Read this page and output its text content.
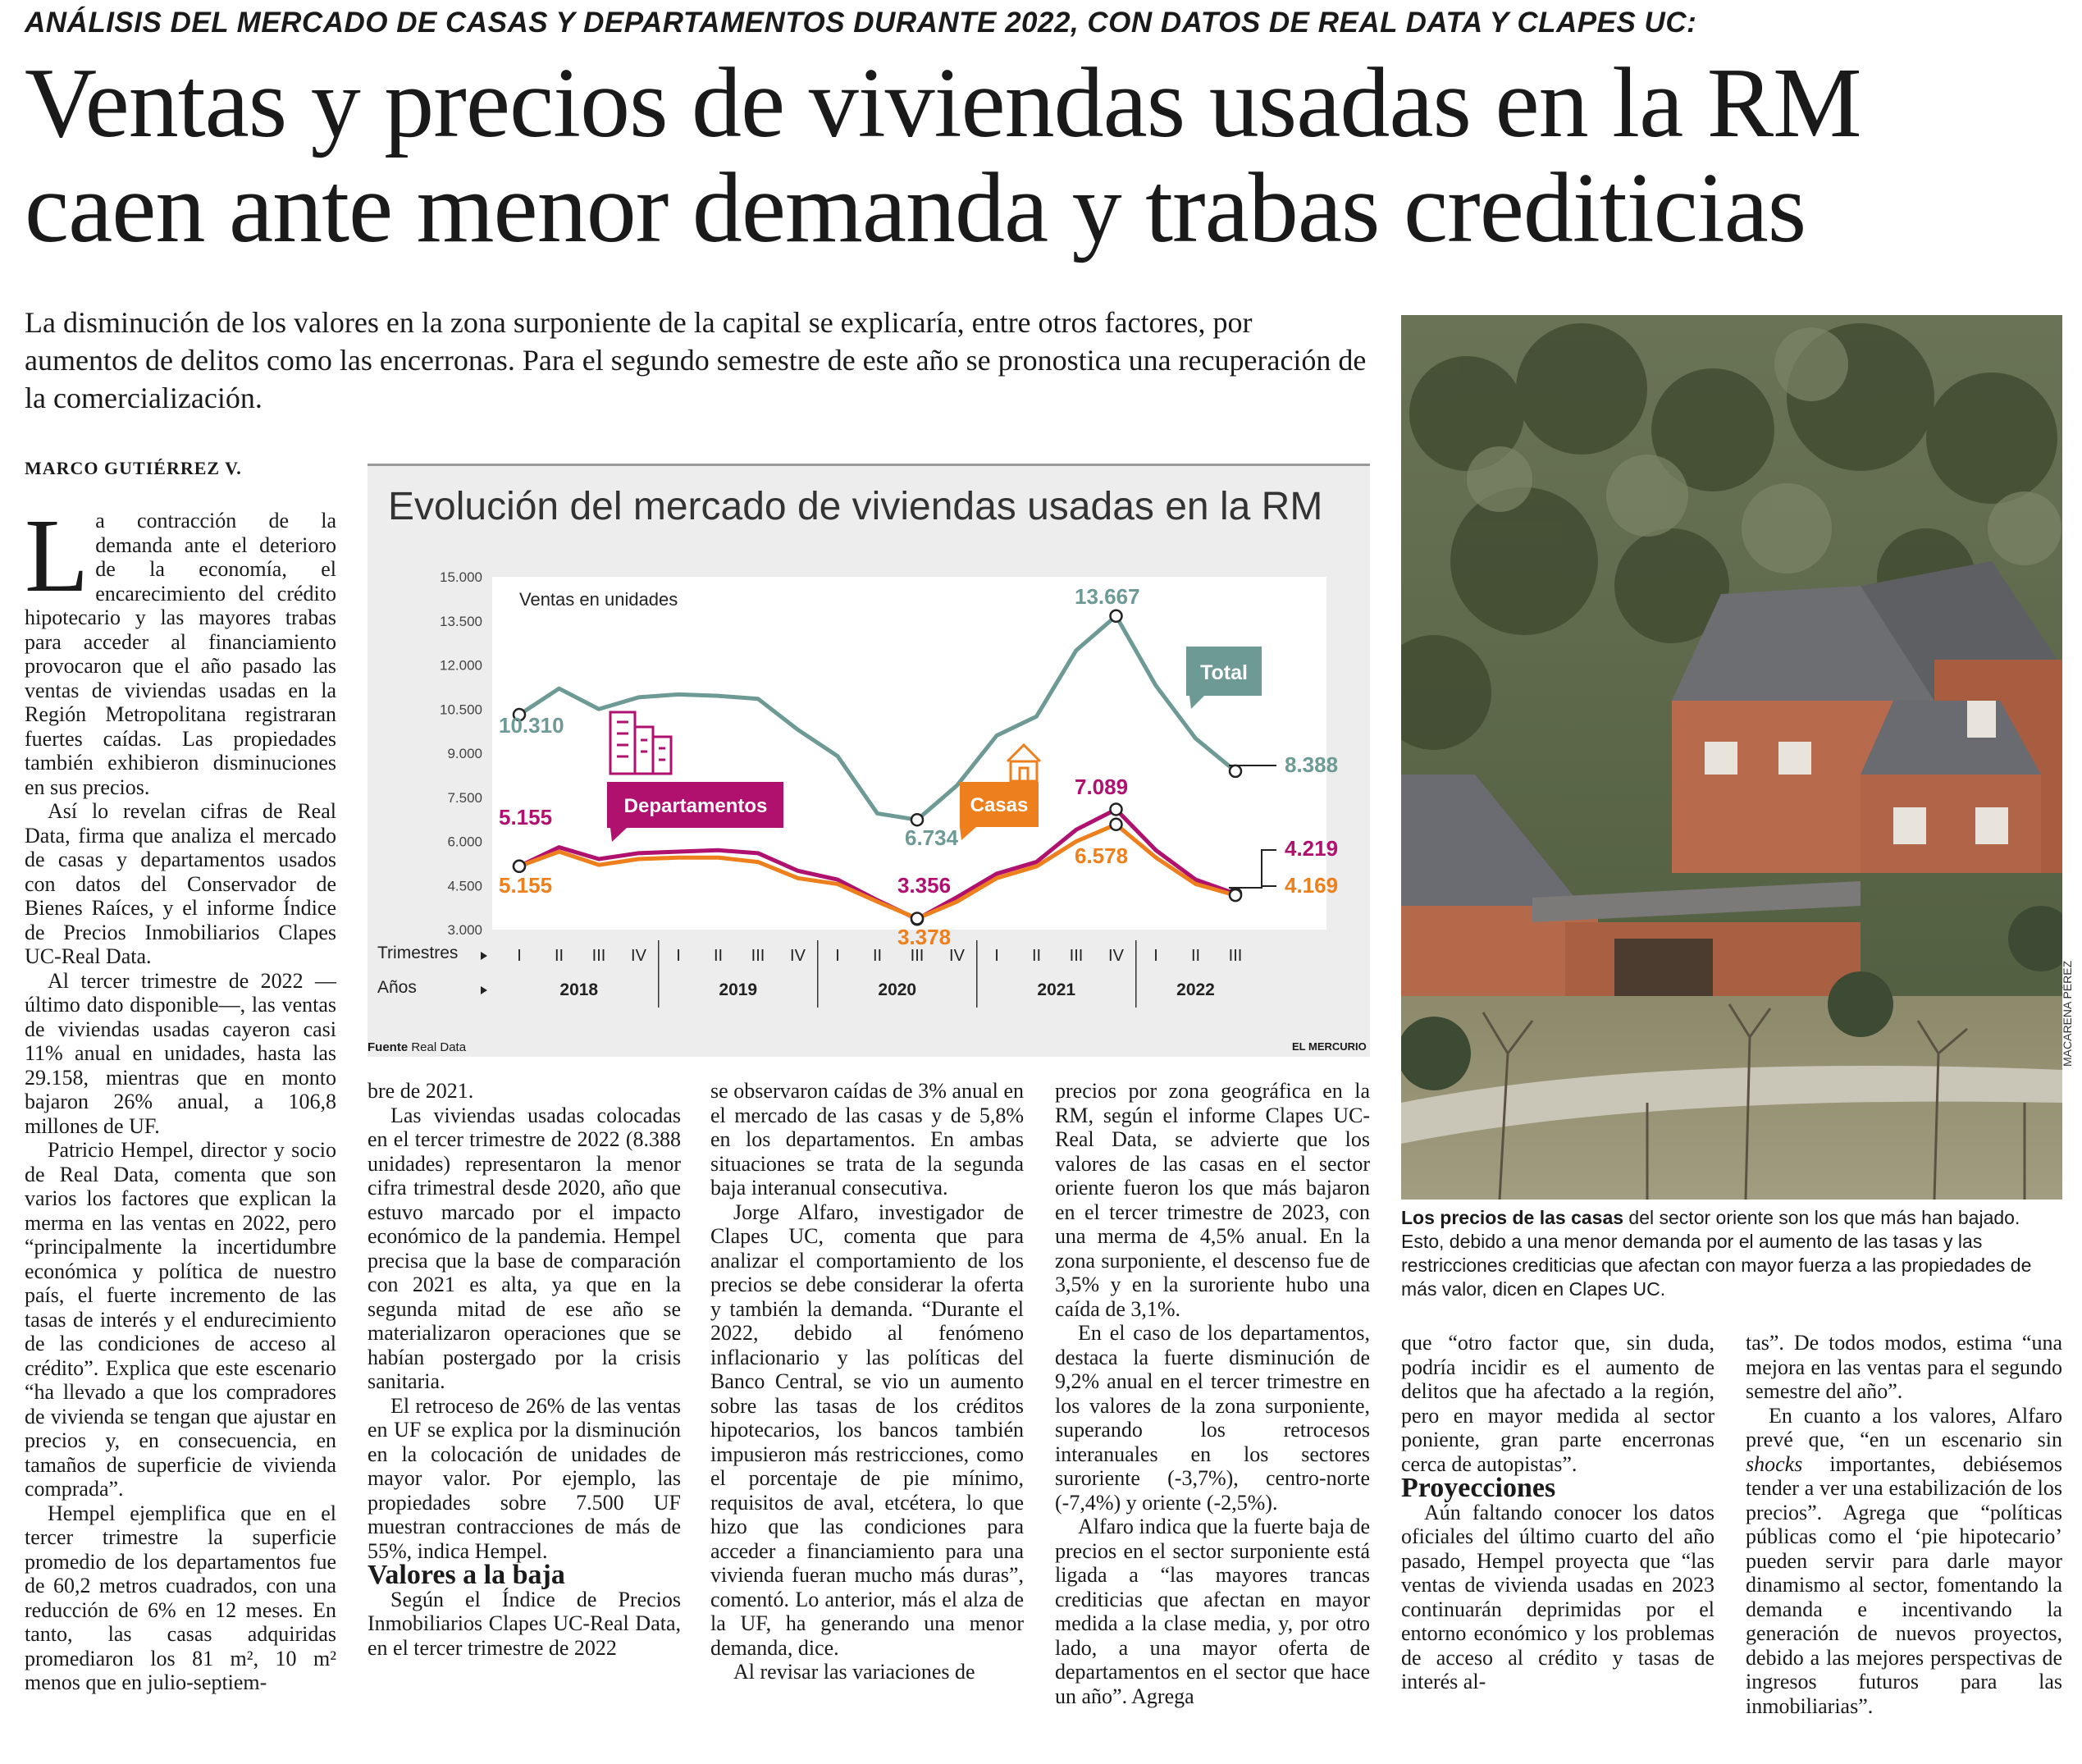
ANÁLISIS DEL MERCADO DE CASAS Y DEPARTAMENTOS DURANTE 2022, CON DATOS DE REAL DATA Y CLAPES UC:
Ventas y precios de viviendas usadas en la RM
caen ante menor demanda y trabas crediticias
La disminución de los valores en la zona surponiente de la capital se explicaría, entre otros factores, por aumentos de delitos como las encerronas. Para el segundo semestre de este año se pronostica una recuperación de la comercialización.
MARCO GUTIÉRREZ V.

La contracción de la demanda ante el deterioro de la economía, el encarecimiento del crédito hipotecario y las mayores trabas para acceder al financiamiento provocaron que el año pasado las ventas de viviendas usadas en la Región Metropolitana registraran fuertes caídas. Las propiedades también exhibieron disminuciones en sus precios.

Así lo revelan cifras de Real Data, firma que analiza el mercado de casas y departamentos usados con datos del Conservador de Bienes Raíces, y el informe Índice de Precios Inmobiliarios Clapes UC-Real Data.

Al tercer trimestre de 2022 —último dato disponible—, las ventas de viviendas usadas cayeron casi 11% anual en unidades, hasta las 29.158, mientras que en monto bajaron 26% anual, a 106,8 millones de UF.

Patricio Hempel, director y socio de Real Data, comenta que son varios los factores que explican la merma en las ventas en 2022, pero “principalmente la incertidumbre económica y política de nuestro país, el fuerte incremento de las tasas de interés y el endurecimiento de las condiciones de acceso al crédito”. Explica que este escenario “ha llevado a que los compradores de vivienda se tengan que ajustar en precios y, en consecuencia, en tamaños de superficie de vivienda comprada”.

Hempel ejemplifica que en el tercer trimestre la superficie promedio de los departamentos fue de 60,2 metros cuadrados, con una reducción de 6% en 12 meses. En tanto, las casas adquiridas promediaron los 81 m², 10 m² menos que en julio-septiem-

Evolución del mercado de viviendas usadas en la RM
Ventas en unidades
15.000
13.500
12.000
10.500
9.000
7.500
6.000
4.500
3.000
Total
Departamentos	Casas
10.310
6.734
13.667
8.388
5.155
3.356
7.089
4.219
5.155
3.378
6.578
4.169
Trimestres
Años
I II III IV I II III IV I II III IV I II III IV I II III
2018	2019	2020	2021	2022
Fuente Real Data	EL MERCURIO

bre de 2021.

Las viviendas usadas colocadas en el tercer trimestre de 2022 (8.388 unidades) representaron la menor cifra trimestral desde 2020, año que estuvo marcado por el impacto económico de la pandemia. Hempel precisa que la base de comparación con 2021 es alta, ya que en la segunda mitad de ese año se materializaron operaciones que se habían postergado por la crisis sanitaria.

El retroceso de 26% de las ventas en UF se explica por la disminución en la colocación de unidades de mayor valor. Por ejemplo, las propiedades sobre 7.500 UF muestran contracciones de más de 55%, indica Hempel.

Valores a la baja

Según el Índice de Precios Inmobiliarios Clapes UC-Real Data, en el tercer trimestre de 2022

se observaron caídas de 3% anual en el mercado de las casas y de 5,8% en los departamentos. En ambas situaciones se trata de la segunda baja interanual consecutiva.

Jorge Alfaro, investigador de Clapes UC, comenta que para analizar el comportamiento de los precios se debe considerar la oferta y también la demanda. “Durante el 2022, debido al fenómeno inflacionario y las políticas del Banco Central, se vio un aumento sobre las tasas de los créditos hipotecarios, los bancos también impusieron más restricciones, como el porcentaje de pie mínimo, requisitos de aval, etcétera, lo que hizo que las condiciones para acceder a financiamiento para una vivienda fueran mucho más duras”, comentó. Lo anterior, más el alza de la UF, ha generando una menor demanda, dice.

Al revisar las variaciones de

precios por zona geográfica en la RM, según el informe Clapes UC-Real Data, se advierte que los valores de las casas en el sector oriente fueron los que más bajaron en el tercer trimestre de 2023, con una merma de 4,5% anual. En la zona surponiente, el descenso fue de 3,5% y en la suroriente hubo una caída de 3,1%.

En el caso de los departamentos, destaca la fuerte disminución de 9,2% anual en el tercer trimestre en los valores de la zona surponiente, superando los retrocesos interanuales en los sectores suroriente (-3,7%), centro-norte (-7,4%) y oriente (-2,5%).

Alfaro indica que la fuerte baja de precios en el sector surponiente está ligada a “las mayores trancas crediticias que afectan en mayor medida a la clase media, y, por otro lado, a una mayor oferta de departamentos en el sector que hace un año”. Agrega

MACARENA PÉREZ
Los precios de las casas del sector oriente son los que más han bajado. Esto, debido a una menor demanda por el aumento de las tasas y las restricciones crediticias que afectan con mayor fuerza a las propiedades de más valor, dicen en Clapes UC.

que “otro factor que, sin duda, podría incidir es el aumento de delitos que ha afectado a la región, pero en mayor medida al sector poniente, gran parte encerronas cerca de autopistas”.

Proyecciones

Aún faltando conocer los datos oficiales del último cuarto del año pasado, Hempel proyecta que “las ventas de vivienda usadas en 2023 continuarán deprimidas por el entorno económico y los problemas de acceso al crédito y tasas de interés al-

tas”. De todos modos, estima “una mejora en las ventas para el segundo semestre del año”.

En cuanto a los valores, Alfaro prevé que, “en un escenario sin shocks importantes, debiésemos tender a ver una estabilización de los precios”. Agrega que “políticas públicas como el ‘pie hipotecario’ pueden servir para darle mayor dinamismo al sector, fomentando la demanda e incentivando la generación de nuevos proyectos, debido a las mejores perspectivas de ingresos futuros para las inmobiliarias”.
